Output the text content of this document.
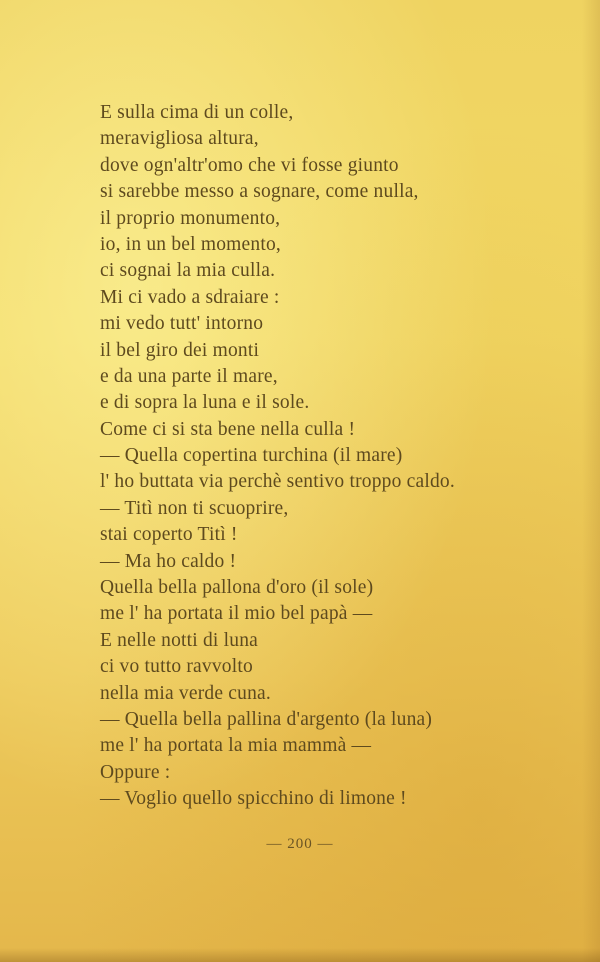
E sulla cima di un colle,
meravigliosa altura,
dove ogn'altr'omo che vi fosse giunto
si sarebbe messo a sognare, come nulla,
il proprio monumento,
io, in un bel momento,
ci sognai la mia culla.
Mi ci vado a sdraiare :
mi vedo tutt' intorno
il bel giro dei monti
e da una parte il mare,
e di sopra la luna e il sole.
Come ci si sta bene nella culla !
— Quella copertina turchina (il mare)
l' ho buttata via perchè sentivo troppo caldo.
— Titì non ti scuoprire,
stai coperto Titì !
— Ma ho caldo !
Quella bella pallona d'oro (il sole)
me l' ha portata il mio bel papà —
E nelle notti di luna
ci vo tutto ravvolto
nella mia verde cuna.
— Quella bella pallina d'argento (la luna)
me l' ha portata la mia mammà —
Oppure :
— Voglio quello spicchino di limone !
— 200 —
